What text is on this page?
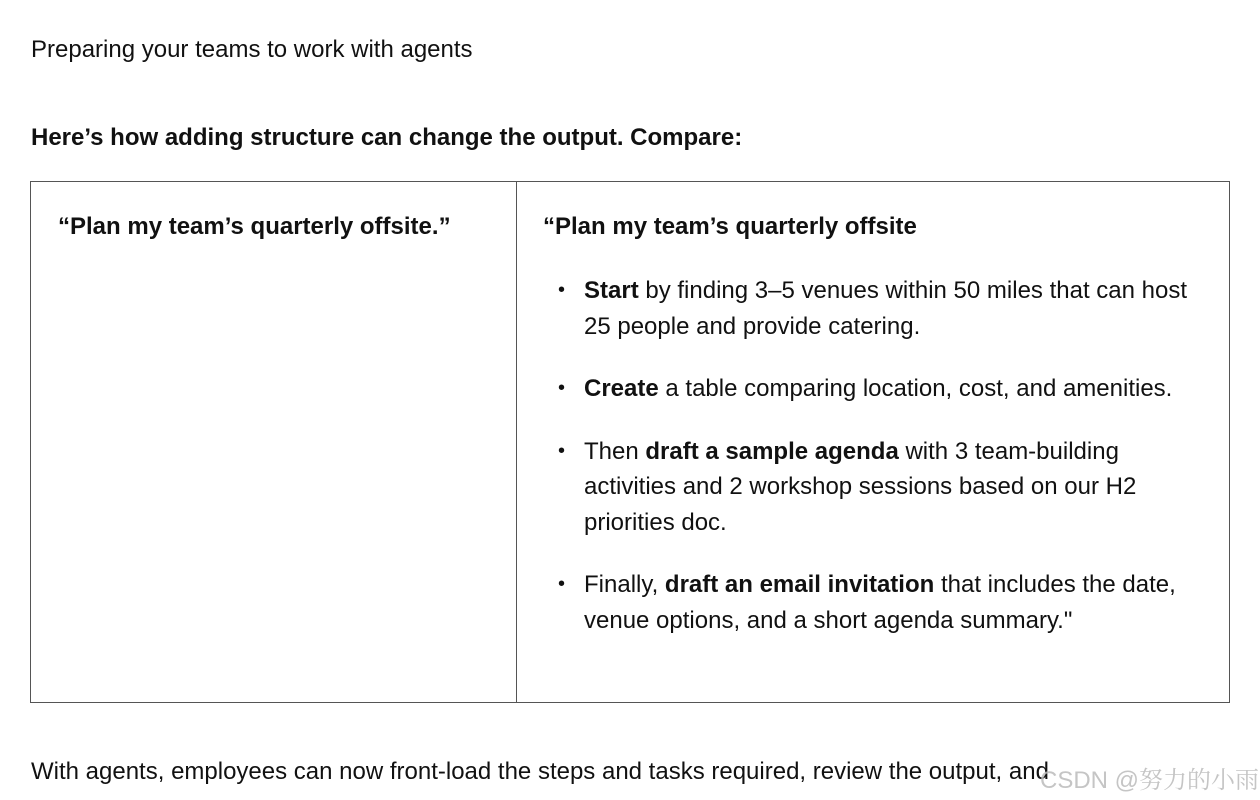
Preparing your teams to work with agents
Here’s how adding structure can change the output. Compare:
“Plan my team’s quarterly offsite.”	“Plan my team’s quarterly offsite
• Start by finding 3–5 venues within 50 miles that can host 25 people and provide catering.
• Create a table comparing location, cost, and amenities.
• Then draft a sample agenda with 3 team-building activities and 2 workshop sessions based on our H2 priorities doc.
• Finally, draft an email invitation that includes the date, venue options, and a short agenda summary."
With agents, employees can now front-load the steps and tasks required, review the output, and
CSDN @努力的小雨
